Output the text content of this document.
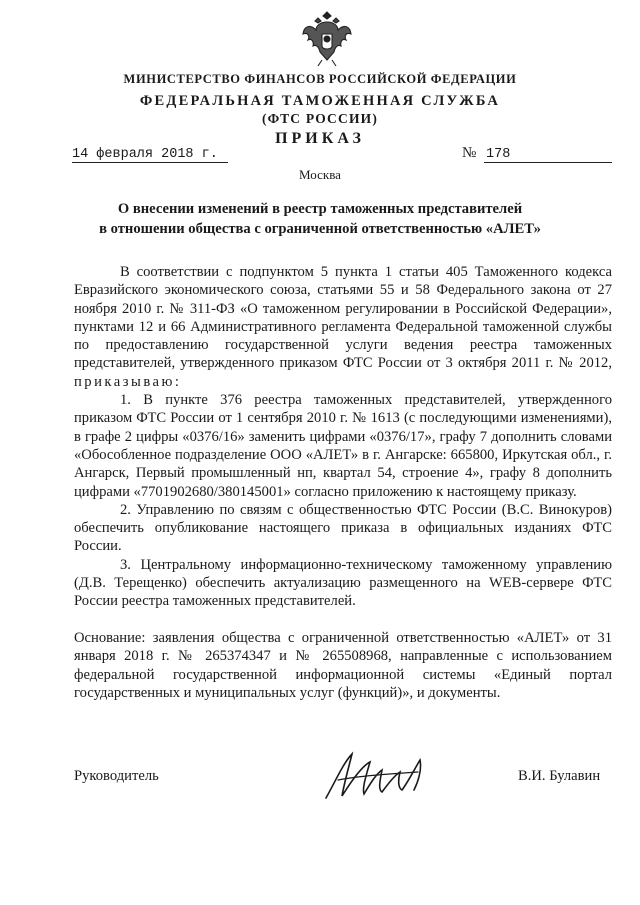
МИНИСТЕРСТВО ФИНАНСОВ РОССИЙСКОЙ ФЕДЕРАЦИИ
ФЕДЕРАЛЬНАЯ ТАМОЖЕННАЯ СЛУЖБА
(ФТС РОССИИ)
ПРИКАЗ
14 февраля 2018 г.	№ 178
Москва
О внесении изменений в реестр таможенных представителей
в отношении общества с ограниченной ответственностью «АЛЕТ»

В соответствии с подпунктом 5 пункта 1 статьи 405 Таможенного кодекса Евразийского экономического союза, статьями 55 и 58 Федерального закона от 27 ноября 2010 г. № 311-ФЗ «О таможенном регулировании в Российской Федерации», пунктами 12 и 66 Административного регламента Федеральной таможенной службы по предоставлению государственной услуги ведения реестра таможенных представителей, утвержденного приказом ФТС России от 3 октября 2011 г. № 2012, приказываю:

1. В пункте 376 реестра таможенных представителей, утвержденного приказом ФТС России от 1 сентября 2010 г. № 1613 (с последующими изменениями), в графе 2 цифры «0376/16» заменить цифрами «0376/17», графу 7 дополнить словами «Обособленное подразделение ООО «АЛЕТ» в г. Ангарске: 665800, Иркутская обл., г. Ангарск, Первый промышленный нп, квартал 54, строение 4», графу 8 дополнить цифрами «7701902680/380145001» согласно приложению к настоящему приказу.

2. Управлению по связям с общественностью ФТС России (В.С. Винокуров) обеспечить опубликование настоящего приказа в официальных изданиях ФТС России.

3. Центральному информационно-техническому таможенному управлению (Д.В. Терещенко) обеспечить актуализацию размещенного на WEB-сервере ФТС России реестра таможенных представителей.

Основание: заявления общества с ограниченной ответственностью «АЛЕТ» от 31 января 2018 г. № 265374347 и № 265508968, направленные с использованием федеральной государственной информационной системы «Единый портал государственных и муниципальных услуг (функций)», и документы.

Руководитель	В.И. Булавин
